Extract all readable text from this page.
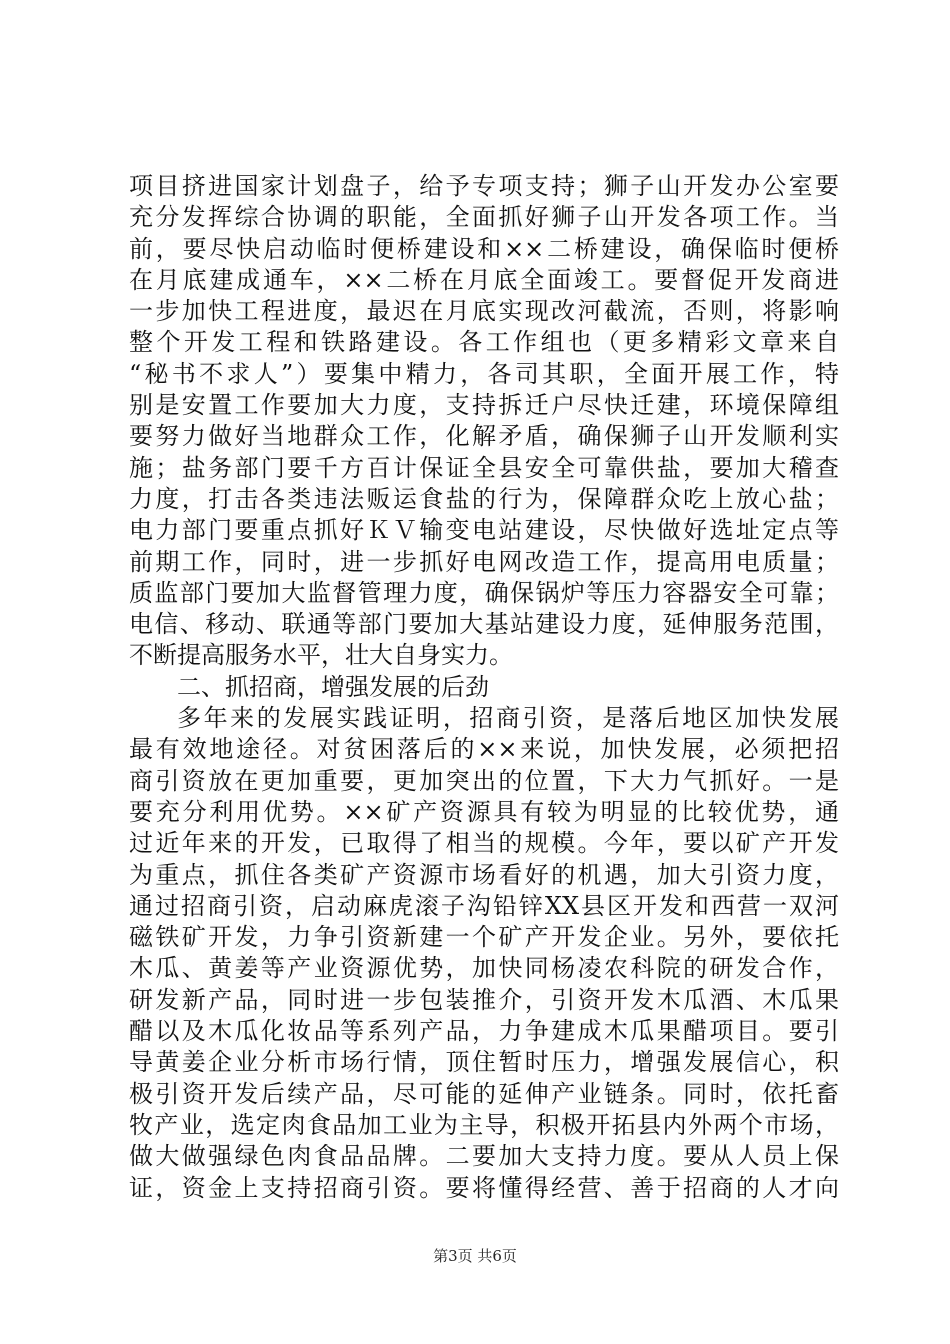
项目挤进国家计划盘子，给予专项支持；狮子山开发办公室要
充分发挥综合协调的职能，全面抓好狮子山开发各项工作。当
前，要尽快启动临时便桥建设和××二桥建设，确保临时便桥
在月底建成通车，××二桥在月底全面竣工。要督促开发商进
一步加快工程进度，最迟在月底实现改河截流，否则，将影响
整个开发工程和铁路建设。各工作组也（更多精彩文章来自
“秘书不求人”）要集中精力，各司其职，全面开展工作，特
别是安置工作要加大力度，支持拆迁户尽快迁建，环境保障组
要努力做好当地群众工作，化解矛盾，确保狮子山开发顺利实
施；盐务部门要千方百计保证全县安全可靠供盐，要加大稽查
力度，打击各类违法贩运食盐的行为，保障群众吃上放心盐；
电力部门要重点抓好ＫＶ输变电站建设，尽快做好选址定点等
前期工作，同时，进一步抓好电网改造工作，提高用电质量；
质监部门要加大监督管理力度，确保锅炉等压力容器安全可靠；
电信、移动、联通等部门要加大基站建设力度，延伸服务范围，
不断提高服务水平，壮大自身实力。
二、抓招商，增强发展的后劲
多年来的发展实践证明，招商引资，是落后地区加快发展
最有效地途径。对贫困落后的××来说，加快发展，必须把招
商引资放在更加重要，更加突出的位置，下大力气抓好。一是
要充分利用优势。××矿产资源具有较为明显的比较优势，通
过近年来的开发，已取得了相当的规模。今年，要以矿产开发
为重点，抓住各类矿产资源市场看好的机遇，加大引资力度，
通过招商引资，启动麻虎滚子沟铅锌XX县区开发和西营一双河
磁铁矿开发，力争引资新建一个矿产开发企业。另外，要依托
木瓜、黄姜等产业资源优势，加快同杨凌农科院的研发合作，
研发新产品，同时进一步包装推介，引资开发木瓜酒、木瓜果
醋以及木瓜化妆品等系列产品，力争建成木瓜果醋项目。要引
导黄姜企业分析市场行情，顶住暂时压力，增强发展信心，积
极引资开发后续产品，尽可能的延伸产业链条。同时，依托畜
牧产业，选定肉食品加工业为主导，积极开拓县内外两个市场，
做大做强绿色肉食品品牌。二要加大支持力度。要从人员上保
证，资金上支持招商引资。要将懂得经营、善于招商的人才向
第3页 共6页
